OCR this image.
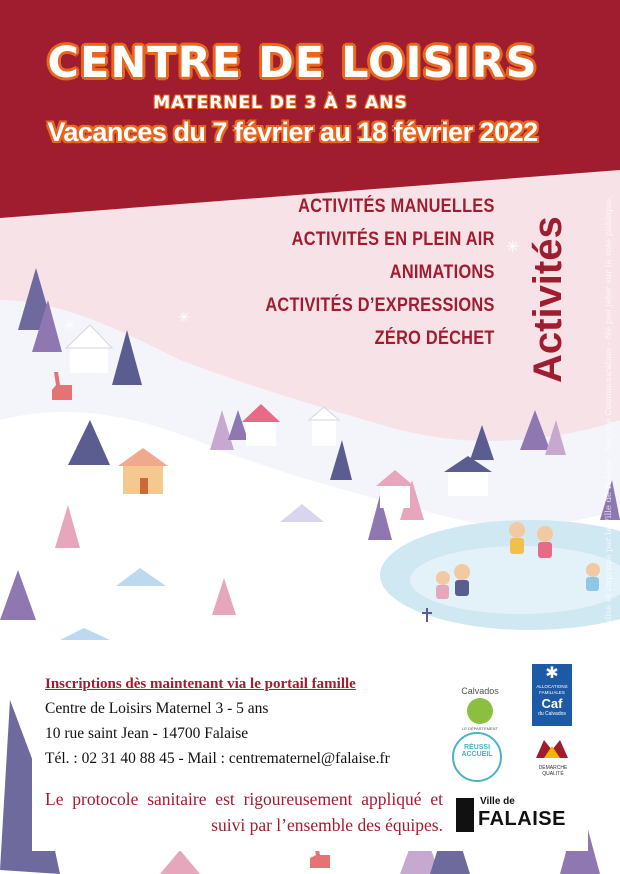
✳	✳
✳
✳
CENTRE DE LOISIRS
MATERNEL DE 3 À 5 ANS
Vacances du 7 février au 18 février 2022
ACTIVITÉS MANUELLES
ACTIVITÉS EN PLEIN AIR
ANIMATIONS
ACTIVITÉS D’EXPRESSIONS
ZÉRO DÉCHET Activités	Réalisé et imprimé par la Ville de Falaise - Service Communication - Ne pas jeter sur la voie publique.

Inscriptions dès maintenant via le portail famille

Centre de Loisirs Maternel 3 - 5 ans

10 rue saint Jean - 14700 Falaise

Tél. : 02 31 40 88 45 - Mail : centrematernel@falaise.fr

Le protocole sanitaire est rigoureusement appliqué et suivi par l’ensemble des équipes.

Calvados
LE DÉPARTEMENT
✱
ALLOCATIONS FAMILIALES
Caf
du Calvados
RÉUSSI
ACCUEIL
DÉMARCHE
QUALITÉ
Ville de
FALAISE
